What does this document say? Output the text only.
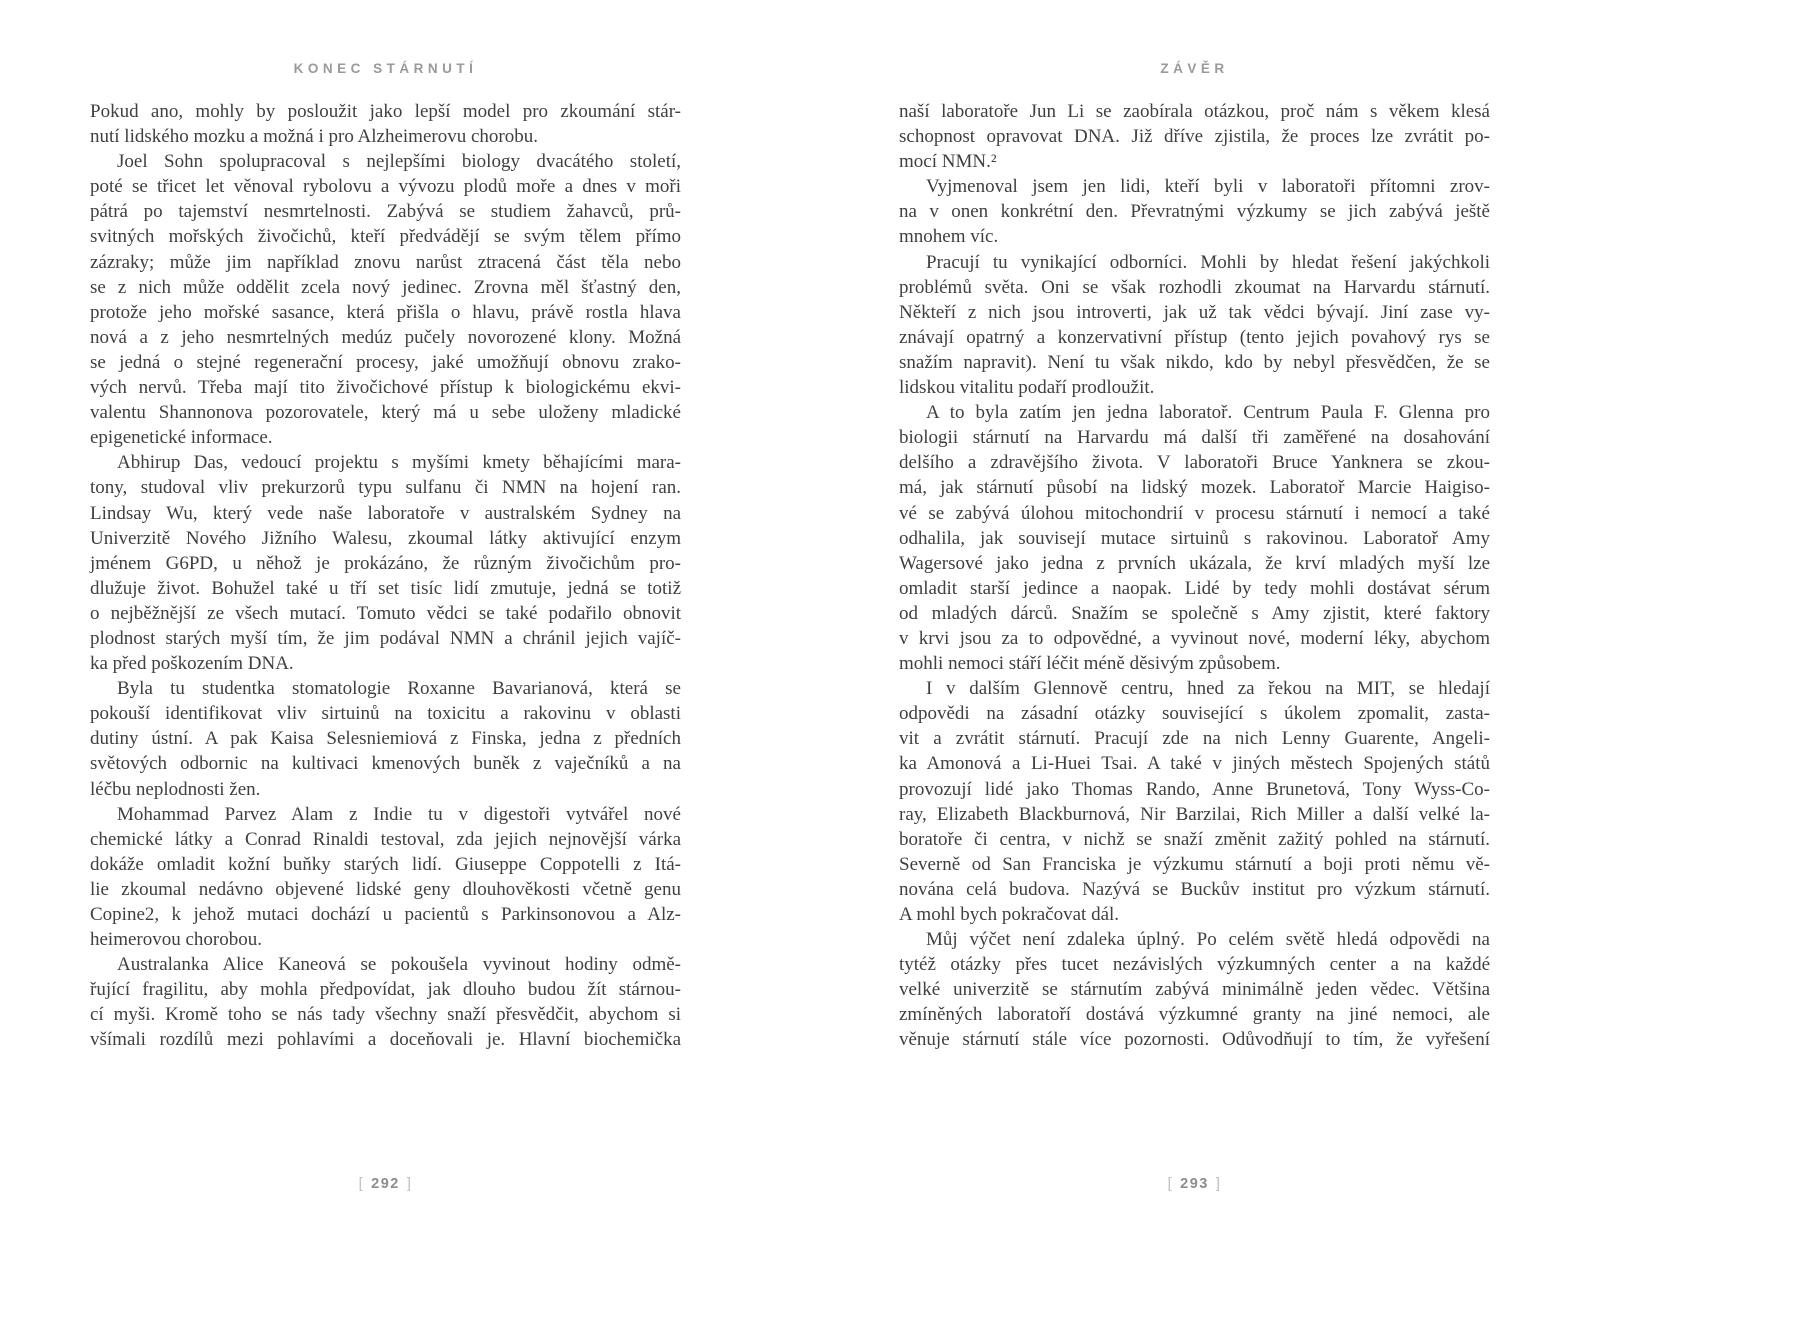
KONEC STÁRNUTÍ
Pokud ano, mohly by posloužit jako lepší model pro zkoumání stár-
nutí lidského mozku a možná i pro Alzheimerovu chorobu.
Joel Sohn spolupracoval s nejlepšími biology dvacátého století,
poté se třicet let věnoval rybolovu a vývozu plodů moře a dnes v moři
pátrá po tajemství nesmrtelnosti. Zabývá se studiem žahavců, prů-
svitných mořských živočichů, kteří předvádějí se svým tělem přímo
zázraky; může jim například znovu narůst ztracená část těla nebo
se z nich může oddělit zcela nový jedinec. Zrovna měl šťastný den,
protože jeho mořské sasance, která přišla o hlavu, právě rostla hlava
nová a z jeho nesmrtelných medúz pučely novorozené klony. Možná
se jedná o stejné regenerační procesy, jaké umožňují obnovu zrako-
vých nervů. Třeba mají tito živočichové přístup k biologickému ekvi-
valentu Shannonova pozorovatele, který má u sebe uloženy mladické
epigenetické informace.
Abhirup Das, vedoucí projektu s myšími kmety běhajícími mara-
tony, studoval vliv prekurzorů typu sulfanu či NMN na hojení ran.
Lindsay Wu, který vede naše laboratoře v australském Sydney na
Univerzitě Nového Jižního Walesu, zkoumal látky aktivující enzym
jménem G6PD, u něhož je prokázáno, že různým živočichům pro-
dlužuje život. Bohužel také u tří set tisíc lidí zmutuje, jedná se totiž
o nejběžnější ze všech mutací. Tomuto vědci se také podařilo obnovit
plodnost starých myší tím, že jim podával NMN a chránil jejich vajíč-
ka před poškozením DNA.
Byla tu studentka stomatologie Roxanne Bavarianová, která se
pokouší identifikovat vliv sirtuinů na toxicitu a rakovinu v oblasti
dutiny ústní. A pak Kaisa Selesniemiová z Finska, jedna z předních
světových odbornic na kultivaci kmenových buněk z vaječníků a na
léčbu neplodnosti žen.
Mohammad Parvez Alam z Indie tu v digestoři vytvářel nové
chemické látky a Conrad Rinaldi testoval, zda jejich nejnovější várka
dokáže omladit kožní buňky starých lidí. Giuseppe Coppotelli z Itá-
lie zkoumal nedávno objevené lidské geny dlouhověkosti včetně genu
Copine2, k jehož mutaci dochází u pacientů s Parkinsonovou a Alz-
heimerovou chorobou.
Australanka Alice Kaneová se pokoušela vyvinout hodiny odmě-
řující fragilitu, aby mohla předpovídat, jak dlouho budou žít stárnou-
cí myši. Kromě toho se nás tady všechny snaží přesvědčit, abychom si
všímali rozdílů mezi pohlavími a doceňovali je. Hlavní biochemička
[ 292 ]
ZÁVĚR
naší laboratoře Jun Li se zaobírala otázkou, proč nám s věkem klesá
schopnost opravovat DNA. Již dříve zjistila, že proces lze zvrátit po-
mocí NMN.²
Vyjmenoval jsem jen lidi, kteří byli v laboratoři přítomni zrov-
na v onen konkrétní den. Převratnými výzkumy se jich zabývá ještě
mnohem víc.
Pracují tu vynikající odborníci. Mohli by hledat řešení jakýchkoli
problémů světa. Oni se však rozhodli zkoumat na Harvardu stárnutí.
Někteří z nich jsou introverti, jak už tak vědci bývají. Jiní zase vy-
znávají opatrný a konzervativní přístup (tento jejich povahový rys se
snažím napravit). Není tu však nikdo, kdo by nebyl přesvědčen, že se
lidskou vitalitu podaří prodloužit.
A to byla zatím jen jedna laboratoř. Centrum Paula F. Glenna pro
biologii stárnutí na Harvardu má další tři zaměřené na dosahování
delšího a zdravějšího života. V laboratoři Bruce Yanknera se zkou-
má, jak stárnutí působí na lidský mozek. Laboratoř Marcie Haigiso-
vé se zabývá úlohou mitochondrií v procesu stárnutí i nemocí a také
odhalila, jak souvisejí mutace sirtuinů s rakovinou. Laboratoř Amy
Wagersové jako jedna z prvních ukázala, že krví mladých myší lze
omladit starší jedince a naopak. Lidé by tedy mohli dostávat sérum
od mladých dárců. Snažím se společně s Amy zjistit, které faktory
v krvi jsou za to odpovědné, a vyvinout nové, moderní léky, abychom
mohli nemoci stáří léčit méně děsivým způsobem.
I v dalším Glennově centru, hned za řekou na MIT, se hledají
odpovědi na zásadní otázky související s úkolem zpomalit, zasta-
vit a zvrátit stárnutí. Pracují zde na nich Lenny Guarente, Angeli-
ka Amonová a Li-Huei Tsai. A také v jiných městech Spojených států
provozují lidé jako Thomas Rando, Anne Brunetová, Tony Wyss-Co-
ray, Elizabeth Blackburnová, Nir Barzilai, Rich Miller a další velké la-
boratoře či centra, v nichž se snaží změnit zažitý pohled na stárnutí.
Severně od San Franciska je výzkumu stárnutí a boji proti němu vě-
nována celá budova. Nazývá se Buckův institut pro výzkum stárnutí.
A mohl bych pokračovat dál.
Můj výčet není zdaleka úplný. Po celém světě hledá odpovědi na
tytéž otázky přes tucet nezávislých výzkumných center a na každé
velké univerzitě se stárnutím zabývá minimálně jeden vědec. Většina
zmíněných laboratoří dostává výzkumné granty na jiné nemoci, ale
věnuje stárnutí stále více pozornosti. Odůvodňují to tím, že vyřešení
[ 293 ]
